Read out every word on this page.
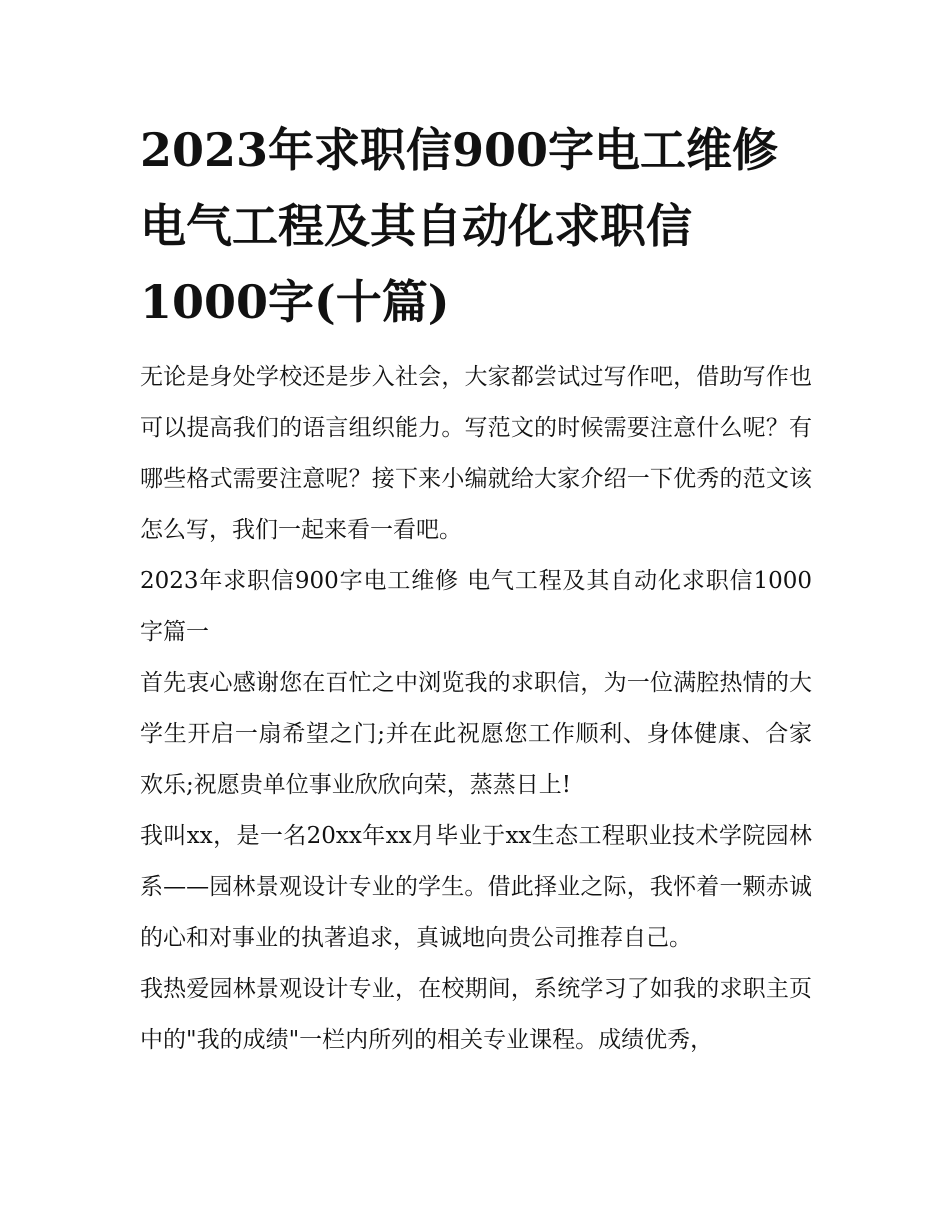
2023年求职信900字电工维修 电气工程及其自动化求职信1000字(十篇)

无论是身处学校还是步入社会，大家都尝试过写作吧，借助写作也可以提高我们的语言组织能力。写范文的时候需要注意什么呢？有哪些格式需要注意呢？接下来小编就给大家介绍一下优秀的范文该怎么写，我们一起来看一看吧。

2023年求职信900字电工维修 电气工程及其自动化求职信1000字篇一

首先衷心感谢您在百忙之中浏览我的求职信，为一位满腔热情的大学生开启一扇希望之门;并在此祝愿您工作顺利、身体健康、合家欢乐;祝愿贵单位事业欣欣向荣，蒸蒸日上!

我叫xx，是一名20xx年xx月毕业于xx生态工程职业技术学院园林系——园林景观设计专业的学生。借此择业之际，我怀着一颗赤诚的心和对事业的执著追求，真诚地向贵公司推荐自己。

我热爱园林景观设计专业，在校期间，系统学习了如我的求职主页中的"我的成绩"一栏内所列的相关专业课程。成绩优秀，
